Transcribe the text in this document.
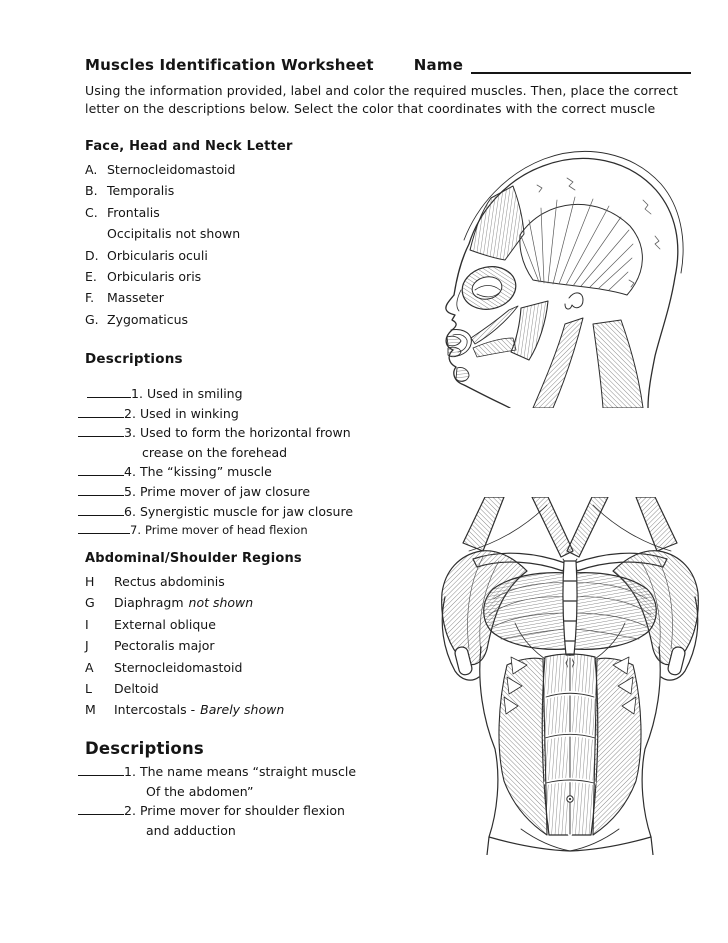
Muscles Identification Worksheet	Name
Using the information provided, label and color the required muscles. Then, place the correct
letter on the descriptions below. Select the color that coordinates with the correct muscle
Face, Head and Neck Letter
A. Sternocleidomastoid
B. Temporalis
C. Frontalis
Occipitalis not shown
D. Orbicularis oculi
E. Orbicularis oris
F.	Masseter
G. Zygomaticus
Descriptions
1. Used in smiling
2. Used in winking
3. Used to form the horizontal frown
crease on the forehead
4. The “kissing” muscle
5. Prime mover of jaw closure
6. Synergistic muscle for jaw closure
7. Prime mover of head flexion
Abdominal/Shoulder Regions
H	Rectus abdominis
G	Diaphragm not shown
I	External oblique
J	Pectoralis major
A	Sternocleidomastoid
L	Deltoid
M	Intercostals - Barely shown
Descriptions
1. The name means “straight muscle
Of the abdomen”
2. Prime mover for shoulder flexion
and adduction
